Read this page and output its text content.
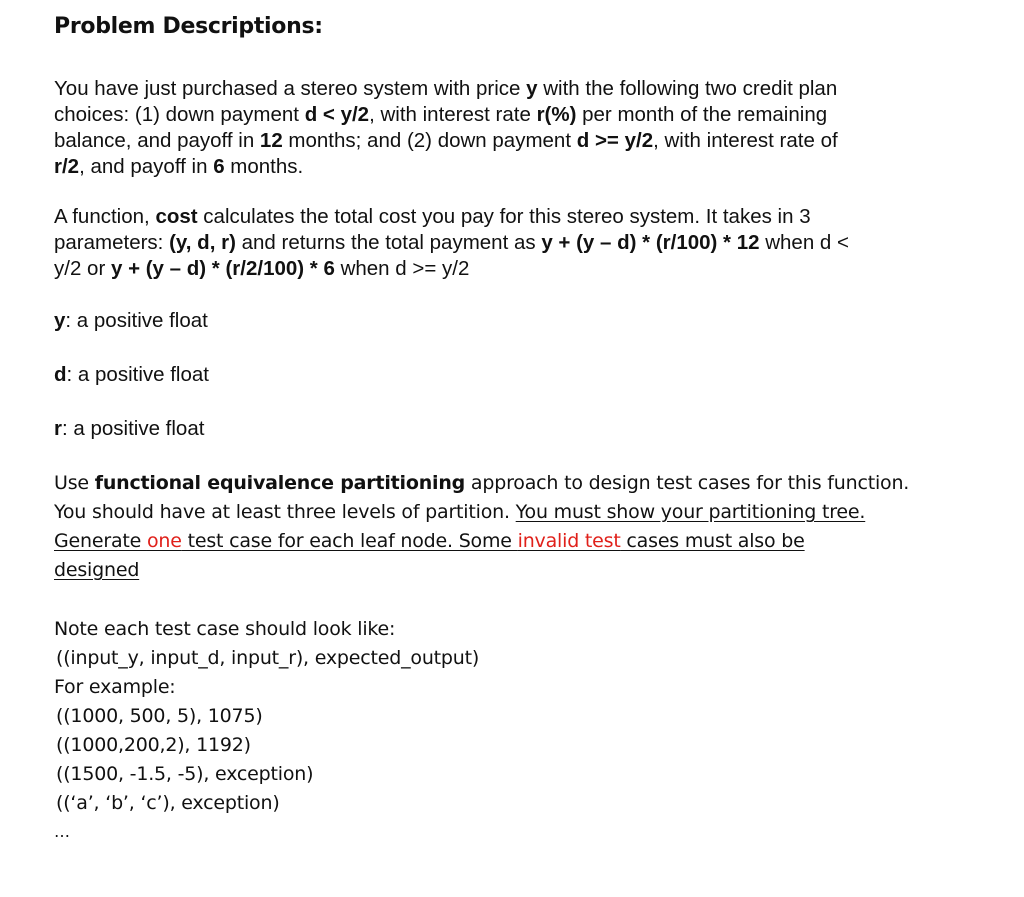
Problem Descriptions:
You have just purchased a stereo system with price y with the following two credit plan
choices: (1) down payment d < y/2, with interest rate r(%) per month of the remaining
balance, and payoff in 12 months; and (2) down payment d >= y/2, with interest rate of
r/2, and payoff in 6 months.
A function, cost calculates the total cost you pay for this stereo system. It takes in 3
parameters: (y, d, r) and returns the total payment as y + (y – d) * (r/100) * 12 when d <
y/2 or y + (y – d) * (r/2/100) * 6 when d >= y/2
y: a positive float
d: a positive float
r: a positive float
Use functional equivalence partitioning approach to design test cases for this function.
You should have at least three levels of partition. You must show your partitioning tree.
Generate one test case for each leaf node. Some invalid test cases must also be
designed
Note each test case should look like:
((input_y, input_d, input_r), expected_output)
For example:
((1000, 500, 5), 1075)
((1000,200,2), 1192)
((1500, -1.5, -5), exception)
((‘a’, ‘b’, ‘c’), exception)
…
